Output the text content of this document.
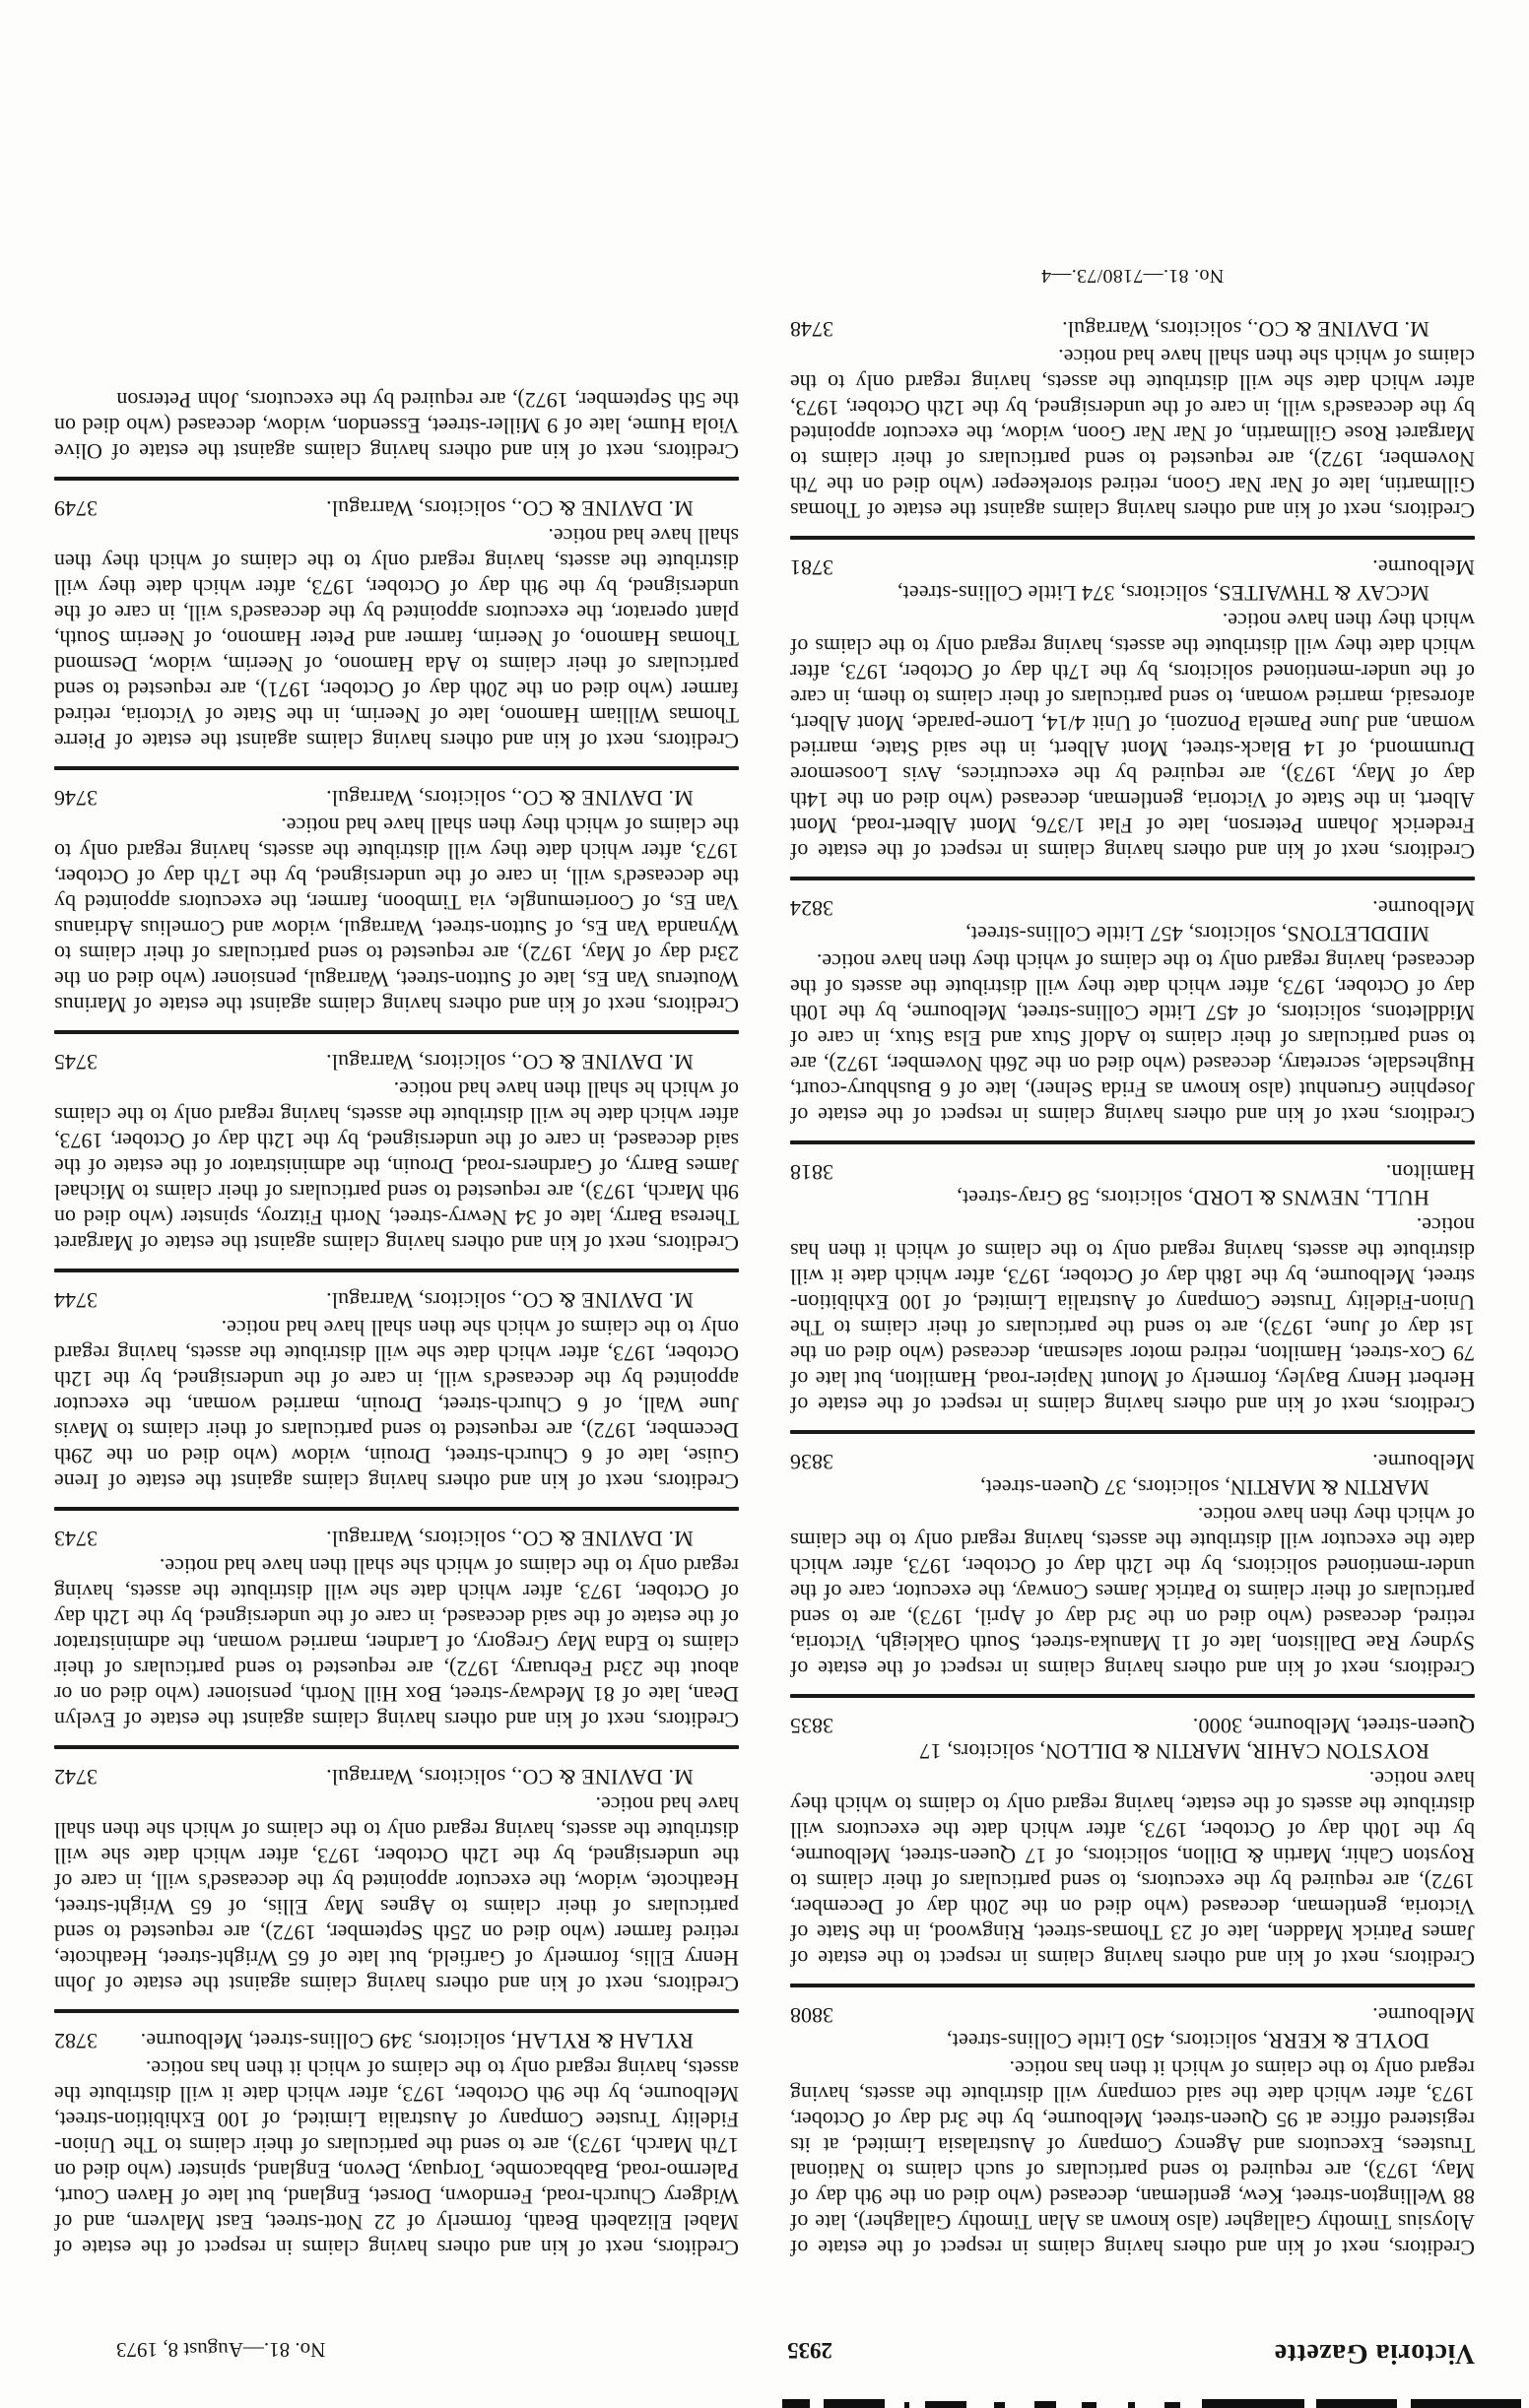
Victoria Gazette
2935
No. 81.—August 8, 1973

Creditors, next of kin and others having claims in respect of the estate of Aloysius Timothy Gallagher (also known as Alan Timothy Gallagher), late of 88 Wellington-street, Kew, gentleman, deceased (who died on the 9th day of May, 1973), are required to send particulars of such claims to National Trustees, Executors and Agency Company of Australasia Limited, at its registered office at 95 Queen-street, Melbourne, by the 3rd day of October, 1973, after which date the said company will distribute the assets, having regard only to the claims of which it then has notice.

DOYLE & KERR, solicitors, 450 Little Collins-street, Melbourne.
3808

Creditors, next of kin and others having claims in respect to the estate of James Patrick Madden, late of 23 Thomas-street, Ringwood, in the State of Victoria, gentleman, deceased (who died on the 20th day of December, 1972), are required by the executors, to send particulars of their claims to Royston Cahir, Martin & Dillon, solicitors, of 17 Queen-street, Melbourne, by the 10th day of October, 1973, after which date the executors will distribute the assets of the estate, having regard only to claims to which they have notice.

ROYSTON CAHIR, MARTIN & DILLON, solicitors, 17 Queen-street, Melbourne, 3000.
3835

Creditors, next of kin and others having claims in respect of the estate of Sydney Rae Dalliston, late of 11 Manuka-street, South Oakleigh, Victoria, retired, deceased (who died on the 3rd day of April, 1973), are to send particulars of their claims to Patrick James Conway, the executor, care of the under-mentioned solicitors, by the 12th day of October, 1973, after which date the executor will distribute the assets, having regard only to the claims of which they then have notice.

MARTIN & MARTIN, solicitors, 37 Queen-street, Melbourne.
3836

Creditors, next of kin and others having claims in respect of the estate of Herbert Henry Bayley, formerly of Mount Napier-road, Hamilton, but late of 79 Cox-street, Hamilton, retired motor salesman, deceased (who died on the 1st day of June, 1973), are to send the particulars of their claims to The Union-Fidelity Trustee Company of Australia Limited, of 100 Exhibition-street, Melbourne, by the 18th day of October, 1973, after which date it will distribute the assets, having regard only to the claims of which it then has notice.

HULL, NEWNS & LORD, solicitors, 58 Gray-street, Hamilton.
3818

Creditors, next of kin and others having claims in respect of the estate of Josephine Gruenhut (also known as Frida Selner), late of 6 Bushbury-court, Hughesdale, secretary, deceased (who died on the 26th November, 1972), are to send particulars of their claims to Adolf Stux and Elsa Stux, in care of Middletons, solicitors, of 457 Little Collins-street, Melbourne, by the 10th day of October, 1973, after which date they will distribute the assets of the deceased, having regard only to the claims of which they then have notice.

MIDDLETONS, solicitors, 457 Little Collins-street, Melbourne.
3824

Creditors, next of kin and others having claims in respect of the estate of Frederick Johann Peterson, late of Flat 1/376, Mont Albert-road, Mont Albert, in the State of Victoria, gentleman, deceased (who died on the 14th day of May, 1973), are required by the executrices, Avis Loosemore Drummond, of 14 Black-street, Mont Albert, in the said State, married woman, and June Pamela Ponzoni, of Unit 4/14, Lorne-parade, Mont Albert, aforesaid, married woman, to send particulars of their claims to them, in care of the under-mentioned solicitors, by the 17th day of October, 1973, after which date they will distribute the assets, having regard only to the claims of which they then have notice.

McCAY & THWAITES, solicitors, 374 Little Collins-street, Melbourne.
3781

Creditors, next of kin and others having claims against the estate of Thomas Gillmartin, late of Nar Nar Goon, retired storekeeper (who died on the 7th November, 1972), are requested to send particulars of their claims to Margaret Rose Gillmartin, of Nar Nar Goon, widow, the executor appointed by the deceased's will, in care of the undersigned, by the 12th October, 1973, after which date she will distribute the assets, having regard only to the claims of which she then shall have had notice.

M. DAVINE & CO., solicitors, Warragul.
3748
No. 81.—7180/73.—4

Creditors, next of kin and others having claims in respect of the estate of Mabel Elizabeth Beath, formerly of 22 Nott-street, East Malvern, and of Widgery Church-road, Ferndown, Dorset, England, but late of Haven Court, Palermo-road, Babbacombe, Torquay, Devon, England, spinster (who died on 17th March, 1973), are to send the particulars of their claims to The Union-Fidelity Trustee Company of Australia Limited, of 100 Exhibition-street, Melbourne, by the 9th October, 1973, after which date it will distribute the assets, having regard only to the claims of which it then has notice.

RYLAH & RYLAH, solicitors, 349 Collins-street, Melbourne.
3782

Creditors, next of kin and others having claims against the estate of John Henry Ellis, formerly of Garfield, but late of 65 Wright-street, Heathcote, retired farmer (who died on 25th September, 1972), are requested to send particulars of their claims to Agnes May Ellis, of 65 Wright-street, Heathcote, widow, the executor appointed by the deceased's will, in care of the undersigned, by the 12th October, 1973, after which date she will distribute the assets, having regard only to the claims of which she then shall have had notice.

M. DAVINE & CO., solicitors, Warragul.
3742

Creditors, next of kin and others having claims against the estate of Evelyn Dean, late of 81 Medway-street, Box Hill North, pensioner (who died on or about the 23rd February, 1972), are requested to send particulars of their claims to Edna May Gregory, of Lardner, married woman, the administrator of the estate of the said deceased, in care of the undersigned, by the 12th day of October, 1973, after which date she will distribute the assets, having regard only to the claims of which she shall then have had notice.

M. DAVINE & CO., solicitors, Warragul.
3743

Creditors, next of kin and others having claims against the estate of Irene Guise, late of 6 Church-street, Drouin, widow (who died on the 29th December, 1972), are requested to send particulars of their claims to Mavis June Wall, of 6 Church-street, Drouin, married woman, the executor appointed by the deceased's will, in care of the undersigned, by the 12th October, 1973, after which date she will distribute the assets, having regard only to the claims of which she then shall have had notice.

M. DAVINE & CO., solicitors, Warragul.
3744

Creditors, next of kin and others having claims against the estate of Margaret Theresa Barry, late of 34 Newry-street, North Fitzroy, spinster (who died on 9th March, 1973), are requested to send particulars of their claims to Michael James Barry, of Gardners-road, Drouin, the administrator of the estate of the said deceased, in care of the undersigned, by the 12th day of October, 1973, after which date he will distribute the assets, having regard only to the claims of which he shall then have had notice.

M. DAVINE & CO., solicitors, Warragul.
3745

Creditors, next of kin and others having claims against the estate of Marinus Wouterus Van Es, late of Sutton-street, Warragul, pensioner (who died on the 23rd day of May, 1972), are requested to send particulars of their claims to Wynanda Van Es, of Sutton-street, Warragul, widow and Cornelius Adrianus Van Es, of Cooriemungle, via Timboon, farmer, the executors appointed by the deceased's will, in care of the undersigned, by the 17th day of October, 1973, after which date they will distribute the assets, having regard only to the claims of which they then shall have had notice.

M. DAVINE & CO., solicitors, Warragul.
3746

Creditors, next of kin and others having claims against the estate of Pierre Thomas William Hamono, late of Neerim, in the State of Victoria, retired farmer (who died on the 20th day of October, 1971), are requested to send particulars of their claims to Ada Hamono, of Neerim, widow, Desmond Thomas Hamono, of Neerim, farmer and Peter Hamono, of Neerim South, plant operator, the executors appointed by the deceased's will, in care of the undersigned, by the 9th day of October, 1973, after which date they will distribute the assets, having regard only to the claims of which they then shall have had notice.

M. DAVINE & CO., solicitors, Warragul.
3749

Creditors, next of kin and others having claims against the estate of Olive Viola Hume, late of 9 Miller-street, Essendon, widow, deceased (who died on the 5th September, 1972), are required by the executors, John Peterson
